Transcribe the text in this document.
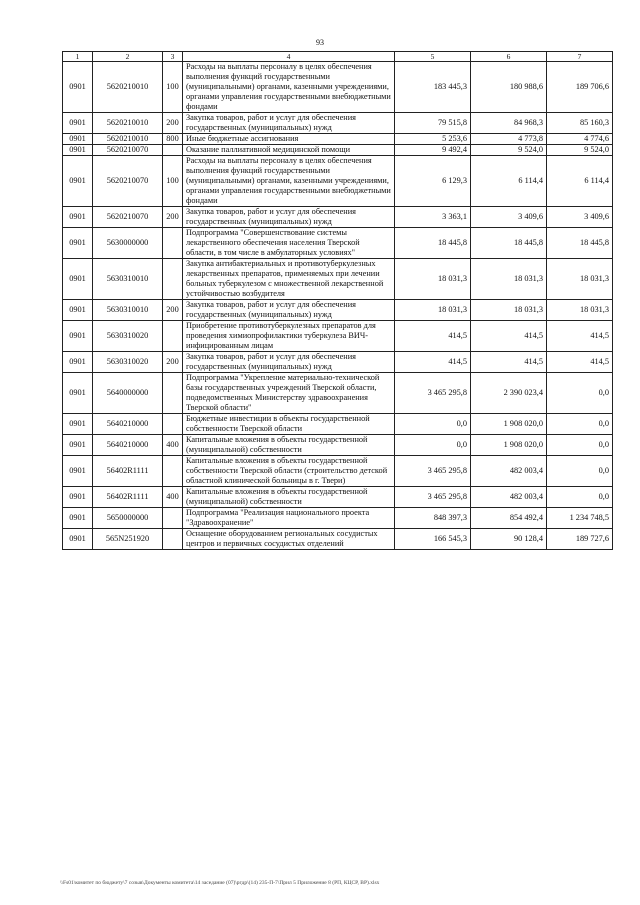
93
1	2	3	4	5	6	7
0901	5620210010	100	Расходы на выплаты персоналу в целях обеспечения выполнения функций государственными (муниципальными) органами, казенными учреждениями, органами управления государственными внебюджетными фондами	183 445,3	180 988,6	189 706,6
0901	5620210010	200	Закупка товаров, работ и услуг для обеспечения государственных (муниципальных) нужд	79 515,8	84 968,3	85 160,3
0901	5620210010	800	Иные бюджетные ассигнования	5 253,6	4 773,8	4 774,6
0901	5620210070		Оказание паллиативной медицинской помощи	9 492,4	9 524,0	9 524,0
0901	5620210070	100	Расходы на выплаты персоналу в целях обеспечения выполнения функций государственными (муниципальными) органами, казенными учреждениями, органами управления государственными внебюджетными фондами	6 129,3	6 114,4	6 114,4
0901	5620210070	200	Закупка товаров, работ и услуг для обеспечения государственных (муниципальных) нужд	3 363,1	3 409,6	3 409,6
0901	5630000000		Подпрограмма "Совершенствование системы лекарственного обеспечения населения Тверской области, в том числе в амбулаторных условиях"	18 445,8	18 445,8	18 445,8
0901	5630310010		Закупка антибактериальных и противотуберкулезных лекарственных препаратов, применяемых при лечении больных туберкулезом с множественной лекарственной устойчивостью возбудителя	18 031,3	18 031,3	18 031,3
0901	5630310010	200	Закупка товаров, работ и услуг для обеспечения государственных (муниципальных) нужд	18 031,3	18 031,3	18 031,3
0901	5630310020		Приобретение противотуберкулезных препаратов для проведения химиопрофилактики туберкулеза ВИЧ-инфицированным лицам	414,5	414,5	414,5
0901	5630310020	200	Закупка товаров, работ и услуг для обеспечения государственных (муниципальных) нужд	414,5	414,5	414,5
0901	5640000000		Подпрограмма "Укрепление материально-технической базы государственных учреждений Тверской области, подведомственных Министерству здравоохранения Тверской области"	3 465 295,8	2 390 023,4	0,0
0901	5640210000		Бюджетные инвестиции в объекты государственной собственности Тверской области	0,0	1 908 020,0	0,0
0901	5640210000	400	Капитальные вложения в объекты государственной (муниципальной) собственности	0,0	1 908 020,0	0,0
0901	56402R1111		Капитальные вложения в объекты государственной собственности Тверской области (строительство детской областной клинической больницы в г. Твери)	3 465 295,8	482 003,4	0,0
0901	56402R1111	400	Капитальные вложения в объекты государственной (муниципальной) собственности	3 465 295,8	482 003,4	0,0
0901	5650000000		Подпрограмма "Реализация национального проекта "Здравоохранение"	848 397,3	854 492,4	1 234 748,5
0901	565N251920		Оснащение оборудованием региональных сосудистых центров и первичных сосудистых отделений	166 545,3	90 128,4	189 727,6
\\Fs01\комитет по бюджету\7 созыв\Документы комитета\14 заседание (07)\ргдр\(14) 235-П-7\Прил 5 Приложение 8 (РП, КЦСР, ВР).xlsx
